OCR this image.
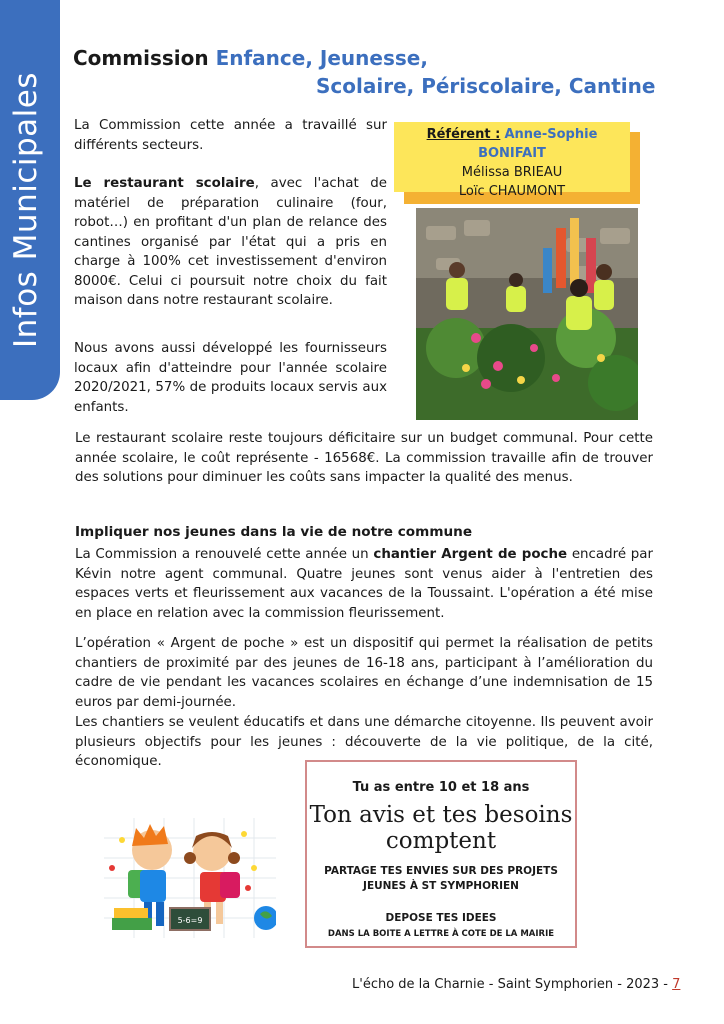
Infos Municipales
Commission Enfance, Jeunesse,
Scolaire, Périscolaire, Cantine

La Commission cette année a travaillé sur différents secteurs.

Le restaurant scolaire, avec l'achat de matériel de préparation culinaire (four, robot…) en profitant d'un plan de relance des cantines organisé par l'état qui a pris en charge à 100% cet investissement d'environ 8000€. Celui ci poursuit notre choix du fait maison dans notre restaurant scolaire.

Nous avons aussi développé les fournisseurs locaux afin d'atteindre pour l'année scolaire 2020/2021, 57% de produits locaux servis aux enfants.

Référent : Anne-Sophie BONIFAIT
Mélissa BRIEAU
Loïc CHAUMONT

Le restaurant scolaire reste toujours déficitaire sur un budget communal. Pour cette année scolaire, le coût représente - 16568€. La commission travaille afin de trouver des solutions pour diminuer les coûts sans impacter la qualité des menus.

Impliquer nos jeunes dans la vie de notre commune

La Commission a renouvelé cette année un chantier Argent de poche encadré par Kévin notre agent communal. Quatre jeunes sont venus aider à l'entretien des espaces verts et fleurissement aux vacances de la Toussaint. L'opération a été mise en place en relation avec la commission fleurissement.

L’opération « Argent de poche » est un dispositif qui permet la réalisation de petits chantiers de proximité par des jeunes de 16-18 ans, participant à l’amélioration du cadre de vie pendant les vacances scolaires en échange d’une indemnisation de 15 euros par demi-journée.

Les chantiers se veulent éducatifs et dans une démarche citoyenne. Ils peuvent avoir plusieurs objectifs pour les jeunes : découverte de la vie politique, de la cité, économique.

5-6=9
Tu as entre 10 et 18 ans
Ton avis et tes besoins comptent
PARTAGE TES ENVIES SUR DES PROJETS JEUNES À ST SYMPHORIEN
DEPOSE TES IDEES
DANS LA BOITE A LETTRE À COTE DE LA MAIRIE
L'écho de la Charnie - Saint Symphorien - 2023 - 7
